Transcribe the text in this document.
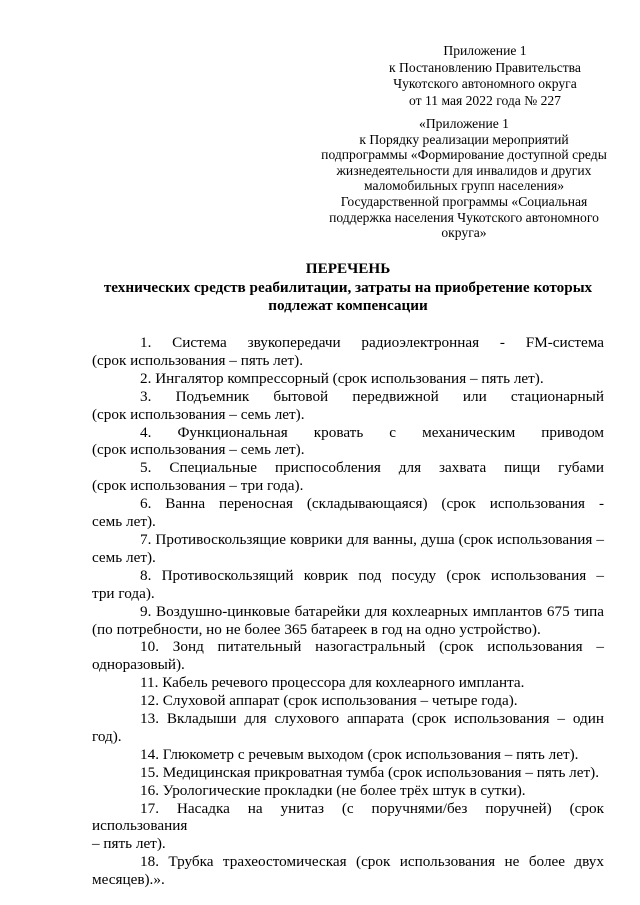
Приложение 1
к Постановлению Правительства
Чукотского автономного округа
от 11 мая 2022 года № 227
«Приложение 1
к Порядку реализации мероприятий
подпрограммы «Формирование доступной среды
жизнедеятельности для инвалидов и других
маломобильных групп населения»
Государственной программы «Социальная
поддержка населения Чукотского автономного
округа»
ПЕРЕЧЕНЬ
технических средств реабилитации, затраты на приобретение которых
подлежат компенсации
1. Система звукопередачи радиоэлектронная - FM-система
(срок использования – пять лет).
2. Ингалятор компрессорный (срок использования – пять лет).
3. Подъемник бытовой передвижной или стационарный
(срок использования – семь лет).
4. Функциональная кровать с механическим приводом
(срок использования – семь лет).
5. Специальные приспособления для захвата пищи губами
(срок использования – три года).
6. Ванна переносная (складывающаяся) (срок использования -
семь лет).
7. Противоскользящие коврики для ванны, душа (срок использования –
семь лет).
8. Противоскользящий коврик под посуду (срок использования –
три года).
9. Воздушно-цинковые батарейки для кохлеарных имплантов 675 типа
(по потребности, но не более 365 батареек в год на одно устройство).
10. Зонд питательный назогастральный (срок использования –
одноразовый).
11. Кабель речевого процессора для кохлеарного импланта.
12. Слуховой аппарат (срок использования – четыре года).
13. Вкладыши для слухового аппарата (срок использования – один год).
14. Глюкометр с речевым выходом (срок использования – пять лет).
15. Медицинская прикроватная тумба (срок использования – пять лет).
16. Урологические прокладки (не более трёх штук в сутки).
17. Насадка на унитаз (с поручнями/без поручней) (срок использования
– пять лет).
18. Трубка трахеостомическая (срок использования не более двух
месяцев).».
